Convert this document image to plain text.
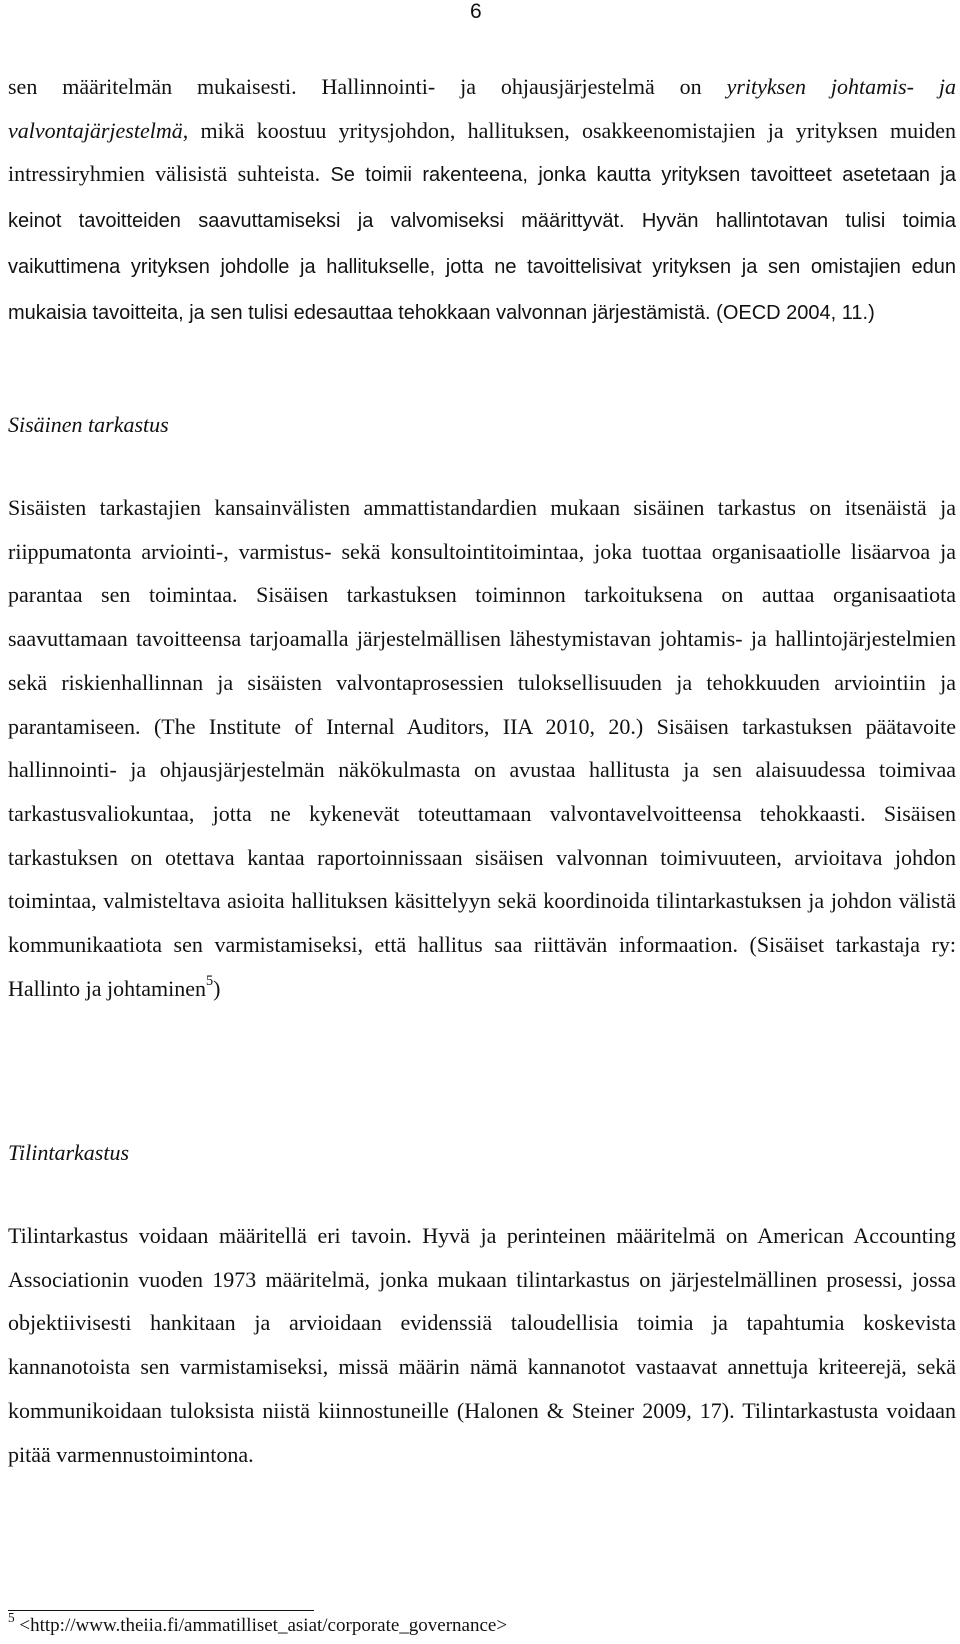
6

sen määritelmän mukaisesti. Hallinnointi- ja ohjausjärjestelmä on yrityksen johtamis- ja valvontajärjestelmä, mikä koostuu yritysjohdon, hallituksen, osakkeenomistajien ja yrityksen muiden intressiryhmien välisistä suhteista. Se toimii rakenteena, jonka kautta yrityksen tavoitteet asetetaan ja keinot tavoitteiden saavuttamiseksi ja valvomiseksi määrittyvät. Hyvän hallintotavan tulisi toimia vaikuttimena yrityksen johdolle ja hallitukselle, jotta ne tavoittelisivat yrityksen ja sen omistajien edun mukaisia tavoitteita, ja sen tulisi edesauttaa tehokkaan valvonnan järjestämistä. (OECD 2004, 11.)

Sisäinen tarkastus

Sisäisten tarkastajien kansainvälisten ammattistandardien mukaan sisäinen tarkastus on itsenäistä ja riippumatonta arviointi-, varmistus- sekä konsultointitoimintaa, joka tuottaa organisaatiolle lisäarvoa ja parantaa sen toimintaa. Sisäisen tarkastuksen toiminnon tarkoituksena on auttaa organisaatiota saavuttamaan tavoitteensa tarjoamalla järjestelmällisen lähestymistavan johtamis- ja hallintojärjestelmien sekä riskienhallinnan ja sisäisten valvontaprosessien tuloksellisuuden ja tehokkuuden arviointiin ja parantamiseen. (The Institute of Internal Auditors, IIA 2010, 20.) Sisäisen tarkastuksen päätavoite hallinnointi- ja ohjausjärjestelmän näkökulmasta on avustaa hallitusta ja sen alaisuudessa toimivaa tarkastusvaliokuntaa, jotta ne kykenevät toteuttamaan valvontavelvoitteensa tehokkaasti. Sisäisen tarkastuksen on otettava kantaa raportoinnissaan sisäisen valvonnan toimivuuteen, arvioitava johdon toimintaa, valmisteltava asioita hallituksen käsittelyyn sekä koordinoida tilintarkastuksen ja johdon välistä kommunikaatiota sen varmistamiseksi, että hallitus saa riittävän informaation. (Sisäiset tarkastaja ry: Hallinto ja johtaminen$^5$)

Tilintarkastus

Tilintarkastus voidaan määritellä eri tavoin. Hyvä ja perinteinen määritelmä on American Accounting Associationin vuoden 1973 määritelmä, jonka mukaan tilintarkastus on järjestelmällinen prosessi, jossa objektiivisesti hankitaan ja arvioidaan evidenssiä taloudellisia toimia ja tapahtumia koskevista kannanotoista sen varmistamiseksi, missä määrin nämä kannanotot vastaavat annettuja kriteerejä, sekä kommunikoidaan tuloksista niistä kiinnostuneille (Halonen & Steiner 2009, 17). Tilintarkastusta voidaan pitää varmennustoimintona.

$^5$ <http://www.theiia.fi/ammatilliset_asiat/corporate_governance>
